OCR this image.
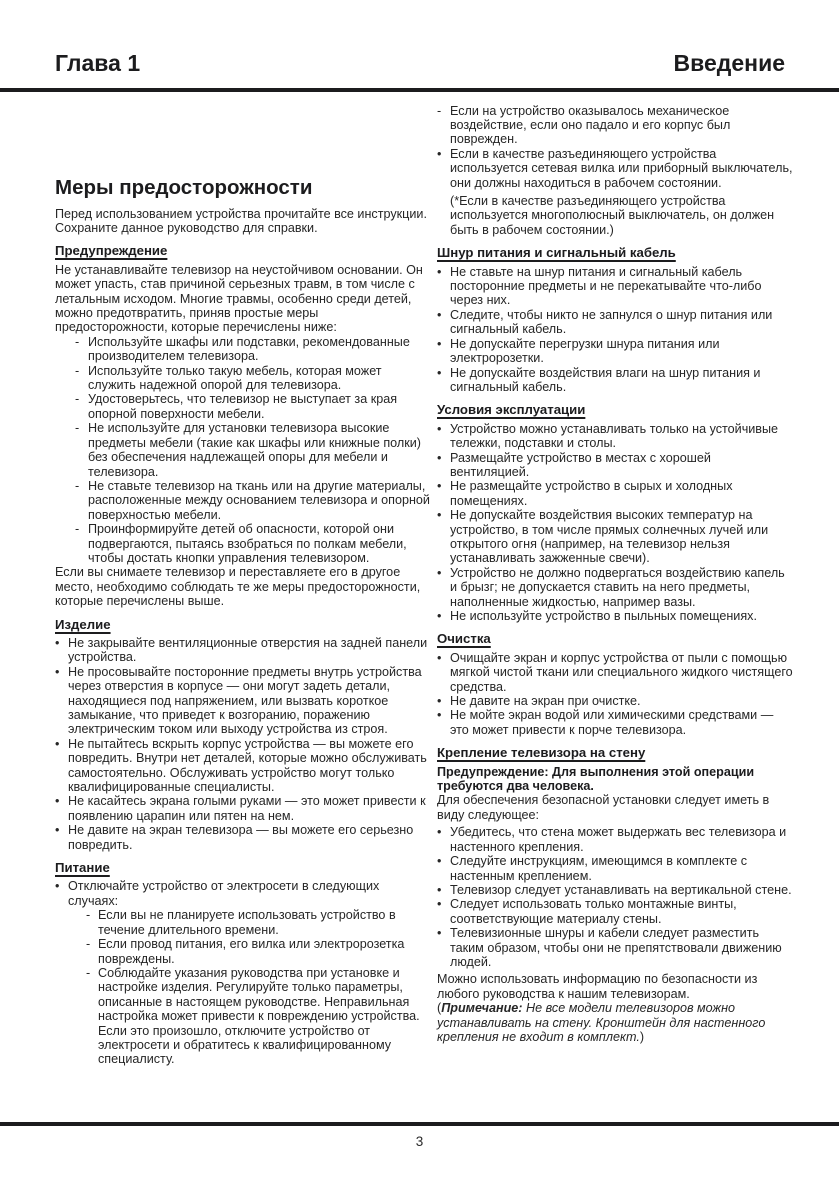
Глава 1	Введение
Меры предосторожности
Перед использованием устройства прочитайте все инструкции. Сохраните данное руководство для справки.
Предупреждение
Не устанавливайте телевизор на неустойчивом основании. Он может упасть, став причиной серьезных травм, в том числе с летальным исходом. Многие травмы, особенно среди детей, можно предотвратить, приняв простые меры предосторожности, которые перечислены ниже:
- Используйте шкафы или подставки, рекомендованные производителем телевизора.
- Используйте только такую мебель, которая может служить надежной опорой для телевизора.
- Удостоверьтесь, что телевизор не выступает за края опорной поверхности мебели.
- Не используйте для установки телевизора высокие предметы мебели (такие как шкафы или книжные полки) без обеспечения надлежащей опоры для мебели и телевизора.
- Не ставьте телевизор на ткань или на другие материалы, расположенные между основанием телевизора и опорной поверхностью мебели.
- Проинформируйте детей об опасности, которой они подвергаются, пытаясь взобраться по полкам мебели, чтобы достать кнопки управления телевизором.
Если вы снимаете телевизор и переставляете его в другое место, необходимо соблюдать те же меры предосторожности, которые перечислены выше.
Изделие
• Не закрывайте вентиляционные отверстия на задней панели устройства.
• Не просовывайте посторонние предметы внутрь устройства через отверстия в корпусе — они могут задеть детали, находящиеся под напряжением, или вызвать короткое замыкание, что приведет к возгоранию, поражению электрическим током или выходу устройства из строя.
• Не пытайтесь вскрыть корпус устройства — вы можете его повредить. Внутри нет деталей, которые можно обслуживать самостоятельно. Обслуживать устройство могут только квалифицированные специалисты.
• Не касайтесь экрана голыми руками — это может привести к появлению царапин или пятен на нем.
• Не давите на экран телевизора — вы можете его серьезно повредить.
Питание
• Отключайте устройство от электросети в следующих случаях:
- Если вы не планируете использовать устройство в течение длительного времени.
- Если провод питания, его вилка или электророзетка повреждены.
- Соблюдайте указания руководства при установке и настройке изделия. Регулируйте только параметры, описанные в настоящем руководстве. Неправильная настройка может привести к повреждению устройства. Если это произошло, отключите устройство от электросети и обратитесь к квалифицированному специалисту.
- Если на устройство оказывалось механическое воздействие, если оно падало и его корпус был поврежден.
• Если в качестве разъединяющего устройства используется сетевая вилка или приборный выключатель, они должны находиться в рабочем состоянии.
(*Если в качестве разъединяющего устройства используется многополюсный выключатель, он должен быть в рабочем состоянии.)
Шнур питания и сигнальный кабель
• Не ставьте на шнур питания и сигнальный кабель посторонние предметы и не перекатывайте что-либо через них.
• Следите, чтобы никто не запнулся о шнур питания или сигнальный кабель.
• Не допускайте перегрузки шнура питания или электророзетки.
• Не допускайте воздействия влаги на шнур питания и сигнальный кабель.
Условия эксплуатации
• Устройство можно устанавливать только на устойчивые тележки, подставки и столы.
• Размещайте устройство в местах с хорошей вентиляцией.
• Не размещайте устройство в сырых и холодных помещениях.
• Не допускайте воздействия высоких температур на устройство, в том числе прямых солнечных лучей или открытого огня (например, на телевизор нельзя устанавливать зажженные свечи).
• Устройство не должно подвергаться воздействию капель и брызг; не допускается ставить на него предметы, наполненные жидкостью, например вазы.
• Не используйте устройство в пыльных помещениях.
Очистка
• Очищайте экран и корпус устройства от пыли с помощью мягкой чистой ткани или специального жидкого чистящего средства.
• Не давите на экран при очистке.
• Не мойте экран водой или химическими средствами — это может привести к порче телевизора.
Крепление телевизора на стену
Предупреждение: Для выполнения этой операции требуются два человека.
Для обеспечения безопасной установки следует иметь в виду следующее:
• Убедитесь, что стена может выдержать вес телевизора и настенного крепления.
• Следуйте инструкциям, имеющимся в комплекте с настенным креплением.
• Телевизор следует устанавливать на вертикальной стене.
• Следует использовать только монтажные винты, соответствующие материалу стены.
• Телевизионные шнуры и кабели следует разместить таким образом, чтобы они не препятствовали движению людей.
Можно использовать информацию по безопасности из любого руководства к нашим телевизорам.
(Примечание: Не все модели телевизоров можно устанавливать на стену. Кронштейн для настенного крепления не входит в комплект.)
3
